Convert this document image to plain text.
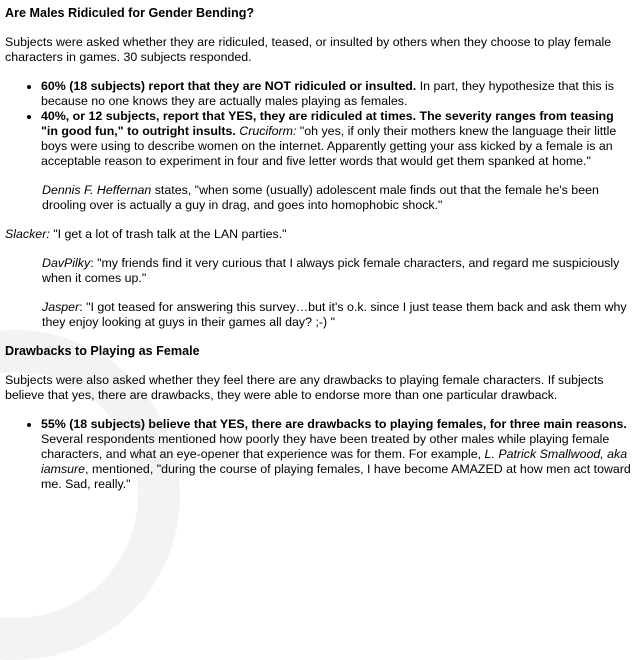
Are Males Ridiculed for Gender Bending?

Subjects were asked whether they are ridiculed, teased, or insulted by others when they choose to play female characters in games. 30 subjects responded.

• 60% (18 subjects) report that they are NOT ridiculed or insulted. In part, they hypothesize that this is because no one knows they are actually males playing as females.
• 40%, or 12 subjects, report that YES, they are ridiculed at times. The severity ranges from teasing "in good fun," to outright insults. Cruciform: "oh yes, if only their mothers knew the language their little boys were using to describe women on the internet. Apparently getting your ass kicked by a female is an acceptable reason to experiment in four and five letter words that would get them spanked at home."

Dennis F. Heffernan states, "when some (usually) adolescent male finds out that the female he's been drooling over is actually a guy in drag, and goes into homophobic shock."

Slacker: "I get a lot of trash talk at the LAN parties."

DavPilky: "my friends find it very curious that I always pick female characters, and regard me suspiciously when it comes up."

Jasper: "I got teased for answering this survey…but it's o.k. since I just tease them back and ask them why they enjoy looking at guys in their games all day? ;-) "

Drawbacks to Playing as Female

Subjects were also asked whether they feel there are any drawbacks to playing female characters. If subjects believe that yes, there are drawbacks, they were able to endorse more than one particular drawback.

• 55% (18 subjects) believe that YES, there are drawbacks to playing females, for three main reasons. Several respondents mentioned how poorly they have been treated by other males while playing female characters, and what an eye-opener that experience was for them. For example, L. Patrick Smallwood, aka iamsure, mentioned, "during the course of playing females, I have become AMAZED at how men act toward me. Sad, really."
